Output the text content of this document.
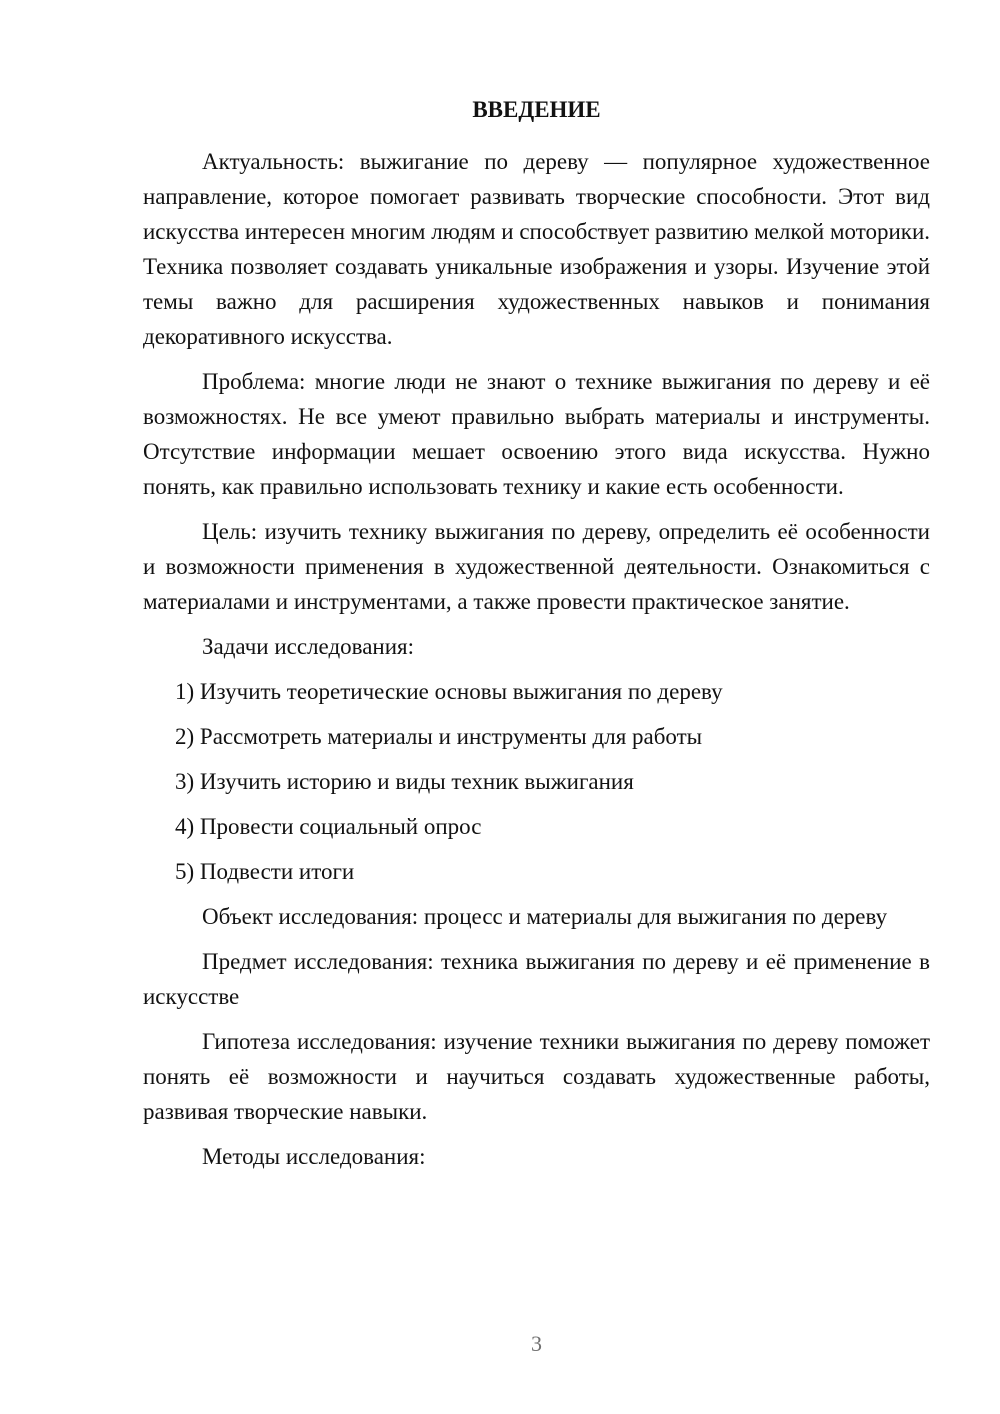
ВВЕДЕНИЕ

Актуальность: выжигание по дереву — популярное художественное направление, которое помогает развивать творческие способности. Этот вид искусства интересен многим людям и способствует развитию мелкой моторики. Техника позволяет создавать уникальные изображения и узоры. Изучение этой темы важно для расширения художественных навыков и понимания декоративного искусства.

Проблема: многие люди не знают о технике выжигания по дереву и её возможностях. Не все умеют правильно выбрать материалы и инструменты. Отсутствие информации мешает освоению этого вида искусства. Нужно понять, как правильно использовать технику и какие есть особенности.

Цель: изучить технику выжигания по дереву, определить её особенности и возможности применения в художественной деятельности. Ознакомиться с материалами и инструментами, а также провести практическое занятие.

Задачи исследования:

1) Изучить теоретические основы выжигания по дереву
2) Рассмотреть материалы и инструменты для работы
3) Изучить историю и виды техник выжигания
4) Провести социальный опрос
5) Подвести итоги

Объект исследования: процесс и материалы для выжигания по дереву

Предмет исследования: техника выжигания по дереву и её применение в искусстве

Гипотеза исследования: изучение техники выжигания по дереву поможет понять её возможности и научиться создавать художественные работы, развивая творческие навыки.

Методы исследования:

3
